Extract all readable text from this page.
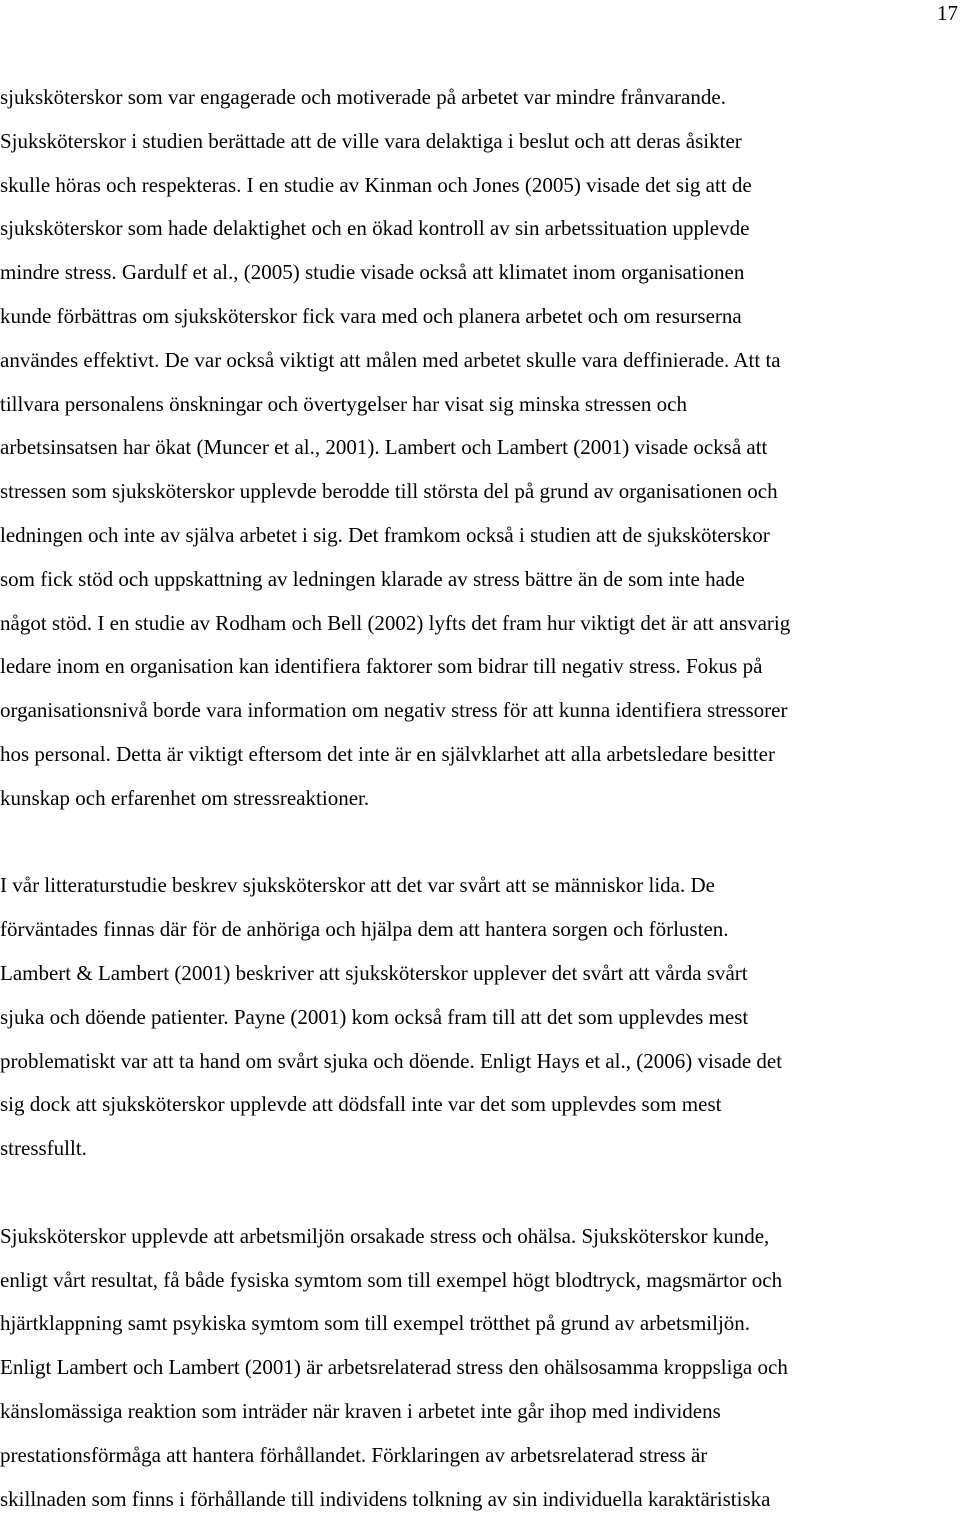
17

sjuksköterskor som var engagerade och motiverade på arbetet var mindre frånvarande.
Sjuksköterskor i studien berättade att de ville vara delaktiga i beslut och att deras åsikter
skulle höras och respekteras. I en studie av Kinman och Jones (2005) visade det sig att de
sjuksköterskor som hade delaktighet och en ökad kontroll av sin arbetssituation upplevde
mindre stress. Gardulf et al., (2005) studie visade också att klimatet inom organisationen
kunde förbättras om sjuksköterskor fick vara med och planera arbetet och om resurserna
användes effektivt. De var också viktigt att målen med arbetet skulle vara deffinierade. Att ta
tillvara personalens önskningar och övertygelser har visat sig minska stressen och
arbetsinsatsen har ökat (Muncer et al., 2001). Lambert och Lambert (2001) visade också att
stressen som sjuksköterskor upplevde berodde till största del på grund av organisationen och
ledningen och inte av själva arbetet i sig. Det framkom också i studien att de sjuksköterskor
som fick stöd och uppskattning av ledningen klarade av stress bättre än de som inte hade
något stöd. I en studie av Rodham och Bell (2002) lyfts det fram hur viktigt det är att ansvarig
ledare inom en organisation kan identifiera faktorer som bidrar till negativ stress. Fokus på
organisationsnivå borde vara information om negativ stress för att kunna identifiera stressorer
hos personal. Detta är viktigt eftersom det inte är en självklarhet att alla arbetsledare besitter
kunskap och erfarenhet om stressreaktioner.

I vår litteraturstudie beskrev sjuksköterskor att det var svårt att se människor lida. De
förväntades finnas där för de anhöriga och hjälpa dem att hantera sorgen och förlusten.
Lambert & Lambert (2001) beskriver att sjuksköterskor upplever det svårt att vårda svårt
sjuka och döende patienter. Payne (2001) kom också fram till att det som upplevdes mest
problematiskt var att ta hand om svårt sjuka och döende. Enligt Hays et al., (2006) visade det
sig dock att sjuksköterskor upplevde att dödsfall inte var det som upplevdes som mest
stressfullt.

Sjuksköterskor upplevde att arbetsmiljön orsakade stress och ohälsa. Sjuksköterskor kunde,
enligt vårt resultat, få både fysiska symtom som till exempel högt blodtryck, magsmärtor och
hjärtklappning samt psykiska symtom som till exempel trötthet på grund av arbetsmiljön.
Enligt Lambert och Lambert (2001) är arbetsrelaterad stress den ohälsosamma kroppsliga och
känslomässiga reaktion som inträder när kraven i arbetet inte går ihop med individens
prestationsförmåga att hantera förhållandet. Förklaringen av arbetsrelaterad stress är
skillnaden som finns i förhållande till individens tolkning av sin individuella karaktäristiska
